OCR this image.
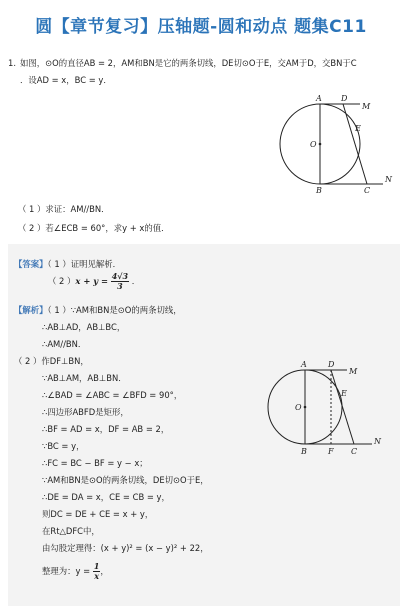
圆【章节复习】压轴题-圆和动点 题集C11
1. 如图，⊙O的直径AB = 2，AM和BN是它的两条切线，DE切⊙O于E，交AM于D，交BN于C
．设AD = x，BC = y．
A D
M
E
O
B	C
N
（ 1 ）求证：AM//BN．
（ 2 ）若∠ECB = 60°，求y + x的值．
【答案】（ 1 ）证明见解析．
（ 2 ）$x + y = \frac{4√3}{3}$ ．
【解析】（ 1 ）∵AM和BN是⊙O的两条切线，
∴AB⊥AD，AB⊥BC，
∴AM//BN．
（ 2 ）作DF⊥BN，
∵AB⊥AM，AB⊥BN．
∴∠BAD = ∠ABC = ∠BFD = 90°，
∴四边形ABFD是矩形，
∴BF = AD = x，DF = AB = 2，
∵BC = y，
∴FC = BC − BF = y − x；
∵AM和BN是⊙O的两条切线，DE切⊙O于E，
∴DE = DA = x，CE = CB = y，
则DC = DE + CE = x + y，
在Rt△DFC中，
由勾股定理得：(x + y)² = (x − y)² + 22，
整理为：$y = \frac{1}{x}$ ，
A	D
M
E
O
B	F C
N
